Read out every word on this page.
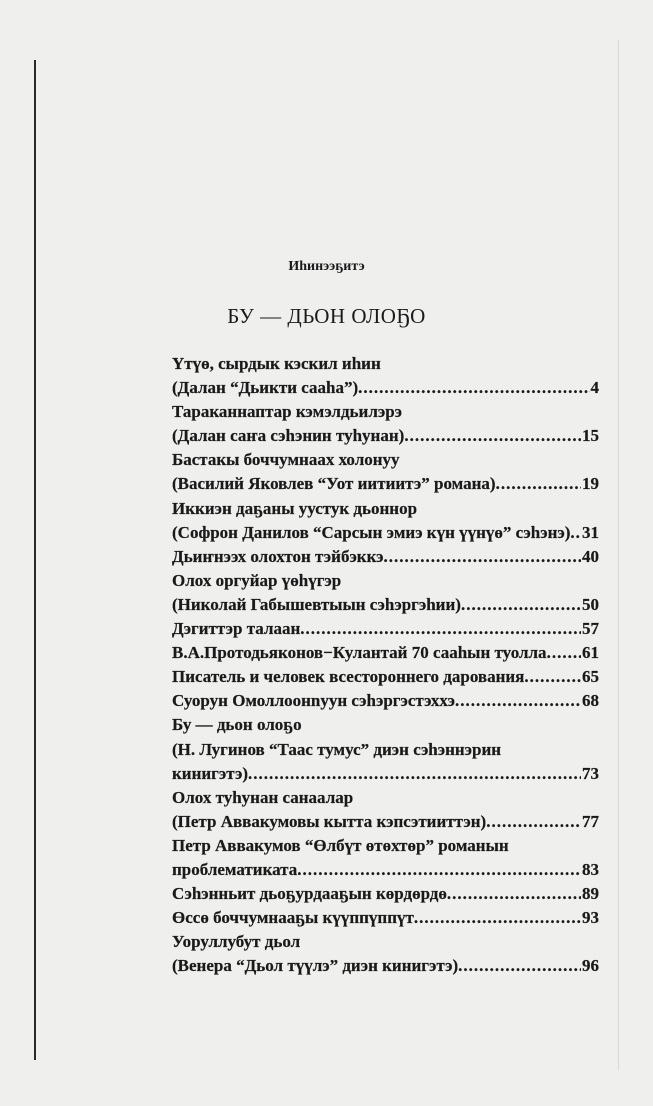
Иhинээҕитэ
БУ — ДЬОН ОЛОҔО
Үтүө, сырдык кэскил иhин
(Далан “Дьикти сааhа”) .....	4
Тараканнаптар кэмэлдьилэрэ
(Далан саҥа сэhэнин туhунан) .....	15
Бастакы боччумнаах холонуу
(Василий Яковлев “Уот иитиитэ” романа) .....	19
Иккиэн даҕаны уустук дьоннор
(Софрон Данилов “Сарсын эмиэ күн үүнүө” сэhэнэ) ..... 31
Дьиҥнээх олохтон тэйбэккэ .....	40
Олох оргуйар үөhүгэр
(Николай Габышевтыын сэhэргэhии) .....	50
Дэгиттэр талаан .....	57
В.А.Протодьяконов−Кулантай 70 сааhын туолла ..... 61
Писатель и человек всестороннего дарования .....	65
Суорун Омоллоонnуун сэhэргэстэххэ .....	68
Бу — дьон олоҕо
(Н. Лугинов “Таас тумус” диэн сэhэннэрин
кинигэтэ) .....	73
Олох туhунан санаалар
(Петр Аввакумовы кытта кэпсэтииттэн) .....	77
Петр Аввакумов “Өлбүт өтөхтөр” романын
проблематиката .....	83
Сэhэнньит дьоҕурдааҕын көрдөрдө .....	89
Өссө боччумнааҕы күүппүппүт .....	93
Уоруллубут дьол
(Венера “Дьол түүлэ” диэн кинигэтэ) .....	96
